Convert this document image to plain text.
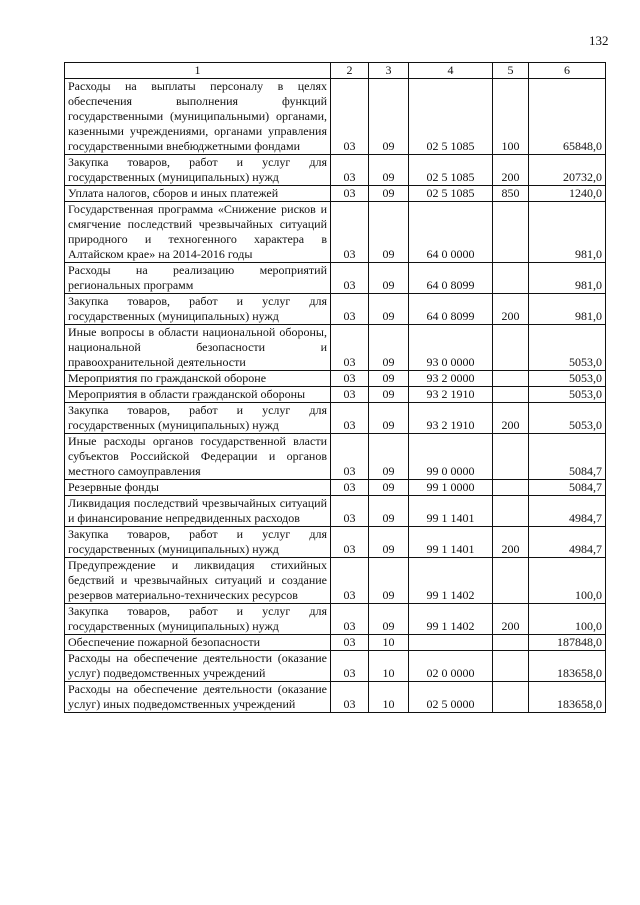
132
1	2	3	4	5	6
Расходы на выплаты персоналу в целях обеспечения выполнения функций государственными (муниципальными) органами, казенными учреждениями, органами управления государственными внебюджетными фондами	03	09	02 5 1085	100	65848,0
Закупка товаров, работ и услуг для государственных (муниципальных) нужд	03	09	02 5 1085	200	20732,0
Уплата налогов, сборов и иных платежей	03	09	02 5 1085	850	1240,0
Государственная программа «Снижение рисков и смягчение последствий чрезвычайных ситуаций природного и техногенного характера в Алтайском крае» на 2014-2016 годы	03	09	64 0 0000		981,0
Расходы на реализацию мероприятий региональных программ	03	09	64 0 8099		981,0
Закупка товаров, работ и услуг для государственных (муниципальных) нужд	03	09	64 0 8099	200	981,0
Иные вопросы в области национальной обороны, национальной безопасности и правоохранительной деятельности	03	09	93 0 0000		5053,0
Мероприятия по гражданской обороне	03	09	93 2 0000		5053,0
Мероприятия в области гражданской обороны	03	09	93 2 1910		5053,0
Закупка товаров, работ и услуг для государственных (муниципальных) нужд	03	09	93 2 1910	200	5053,0
Иные расходы органов государственной власти субъектов Российской Федерации и органов местного самоуправления	03	09	99 0 0000		5084,7
Резервные фонды	03	09	99 1 0000		5084,7
Ликвидация последствий чрезвычайных ситуаций и финансирование непредвиденных расходов	03	09	99 1 1401		4984,7
Закупка товаров, работ и услуг для государственных (муниципальных) нужд	03	09	99 1 1401	200	4984,7
Предупреждение и ликвидация стихийных бедствий и чрезвычайных ситуаций и создание резервов материально-технических ресурсов	03	09	99 1 1402		100,0
Закупка товаров, работ и услуг для государственных (муниципальных) нужд	03	09	99 1 1402	200	100,0
Обеспечение пожарной безопасности	03	10			187848,0
Расходы на обеспечение деятельности (оказание услуг) подведомственных учреждений	03	10	02 0 0000		183658,0
Расходы на обеспечение деятельности (оказание услуг) иных подведомственных учреждений	03	10	02 5 0000		183658,0
